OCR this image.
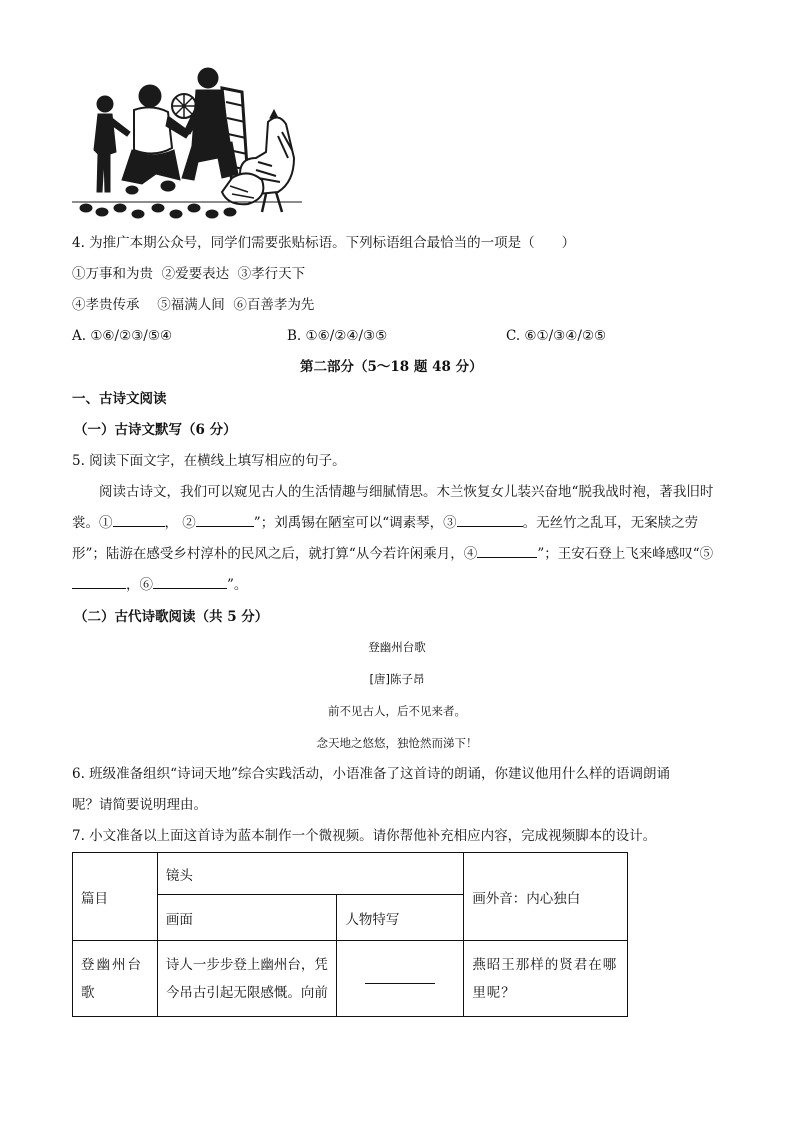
4. 为推广本期公众号，同学们需要张贴标语。下列标语组合最恰当的一项是（　　）
①万事和为贵  ②爱要表达  ③孝行天下
④孝贵传承　 ⑤福满人间  ⑥百善孝为先
A. ①⑥/②③/⑤④	B. ①⑥/②④/③⑤	C. ⑥①/③④/②⑤
第二部分（5～18 题 48 分）
一、古诗文阅读
（一）古诗文默写（6 分）
5. 阅读下面文字，在横线上填写相应的句子。
阅读古诗文，我们可以窥见古人的生活情趣与细腻情思。木兰恢复女儿装兴奋地“脱我战时袍，著我旧时裳。①	， ②	”；刘禹锡在陋室可以“调素琴，③	。无丝竹之乱耳，无案牍之劳形”；陆游在感受乡村淳朴的民风之后，就打算“从今若许闲乘月，④	”；王安石登上飞来峰感叹“⑤，⑥	”。
（二）古代诗歌阅读（共 5 分）
登幽州台歌
[唐]陈子昂
前不见古人，后不见来者。
念天地之悠悠，独怆然而涕下！
6. 班级准备组织“诗词天地”综合实践活动，小语准备了这首诗的朗诵，你建议他用什么样的语调朗诵
呢？请简要说明理由。
7. 小文准备以上面这首诗为蓝本制作一个微视频。请你帮他补充相应内容，完成视频脚本的设计。
篇目	镜头		画外音：内心独白
	画面	人物特写	
登幽州台歌	诗人一步步登上幽州台，凭今吊古引起无限感慨。向前		燕昭王那样的贤君在哪里呢？
